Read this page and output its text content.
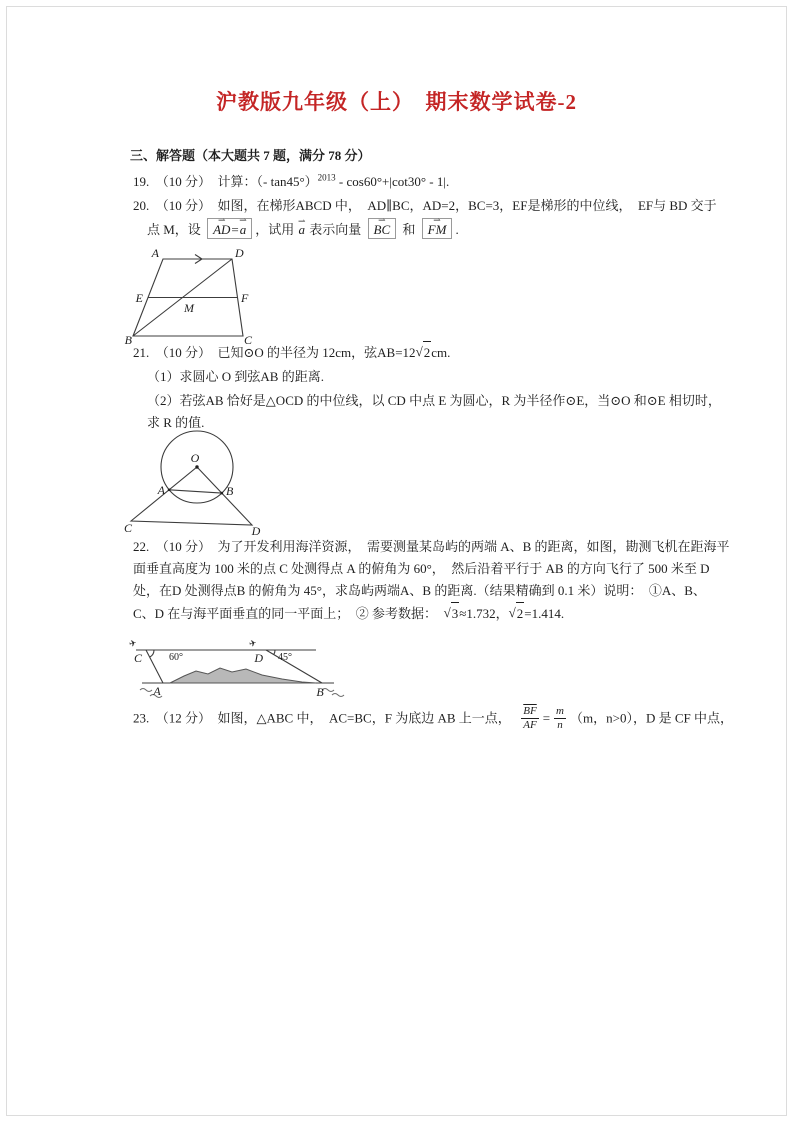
沪教版九年级（上）　期末数学试卷-2
三、解答题（本大题共 7 题，满分 78 分）
19.　（10 分）　计算：（- tan45°）$^{2013}$ - cos60°+|cot30° - 1|.
20.　（10 分）　如图，在梯形ABCD 中，　AD∥BC，AD=2，BC=3，EF是梯形的中位线，　EF与 BD 交于
点 M，设 ⇀ AD=⇀ a ，试用 ⇀ a 表示向量 ⇀ BC 和 ⇀ FM .
A	D
E	F
M
B	C
21.　（10 分）　已知⊙O 的半径为 12cm，弦AB=12√2cm.
（1）求圆心 O 到弦AB 的距离.
（2）若弦AB 恰好是△OCD 的中位线，以 CD 中点 E 为圆心，R 为半径作⊙E，当⊙O 和⊙E 相切时，
求 R 的值.
O
A	B
C	D
22.　（10 分）　为了开发利用海洋资源，　需要测量某岛屿的两端 A、B 的距离，如图，勘测飞机在距海平
面垂直高度为 100 米的点 C 处测得点 A 的俯角为 60°，　然后沿着平行于 AB 的方向飞行了 500 米至 D
处，在D 处测得点B 的俯角为 45°，求岛屿两端A、B 的距离.（结果精确到 0.1 米）说明：　①A、B、
C、D 在与海平面垂直的同一平面上；　② 参考数据：　√3≈1.732，√2=1.414.
✈	✈
C	D
60°	45°
A	B
23.　（12 分）　如图，△ABC 中，　AC=BC，F 为底边 AB 上一点，　 $\frac{\overline{BF}}{AF} = \frac{m}{n} (m$，n>0），D 是 CF 中点，
